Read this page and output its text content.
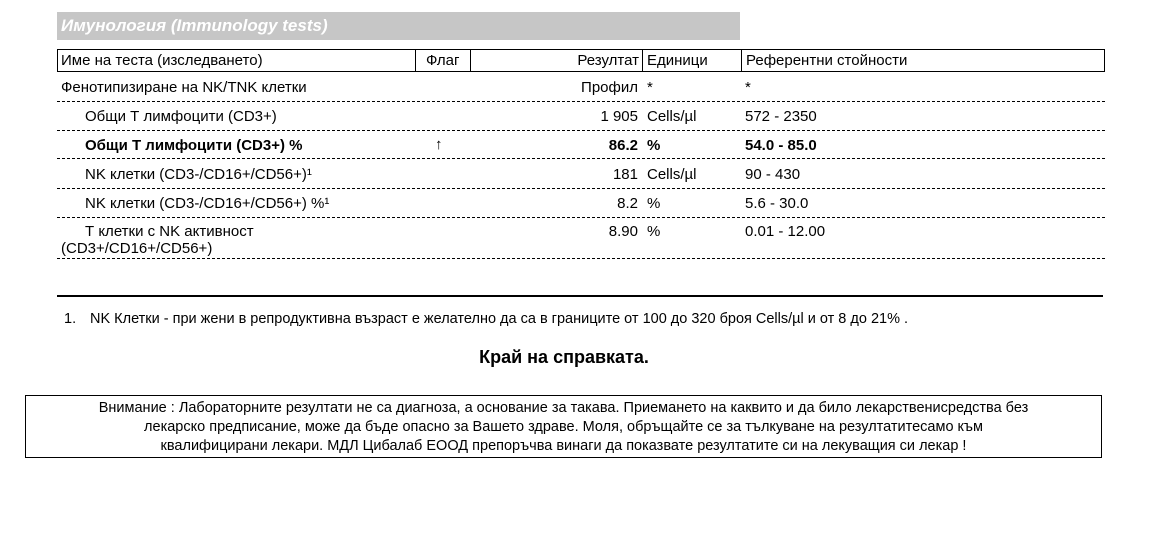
Имунология (Immunology tests)
Име на теста (изследването)	Флаг	Резултат Единици	Референтни стойности
Фенотипизиране на NK/TNK клетки	Профил *	*
Общи Т лимфоцити (CD3+)	1 905 Cells/µl	572 - 2350
Общи Т лимфоцити (CD3+) %	↑	86.2 %	54.0 - 85.0
NK клетки (CD3-/CD16+/CD56+)¹	181 Cells/µl	90 - 430
NK клетки (CD3-/CD16+/CD56+) %¹	8.2 %	5.6 - 30.0
Т клетки с NK активност
(CD3+/CD16+/CD56+)
8.90 %	0.01 - 12.00
1. NK Клетки - при жени в репродуктивна възраст е желателно да са в границите от 100 до 320 броя Cells/µl и от 8 до 21% .
Край на справката.
Внимание : Лабораторните резултати не са диагноза, а основание за такава. Приемането на каквито и да било лекарственисредства без
лекарско предписание, може да бъде опасно за Вашето здраве. Моля, обръщайте се за тълкуване на резултатитесамо към
квалифицирани лекари. МДЛ Цибалаб ЕООД препоръчва винаги да показвате резултатите си на лекуващия си лекар !
